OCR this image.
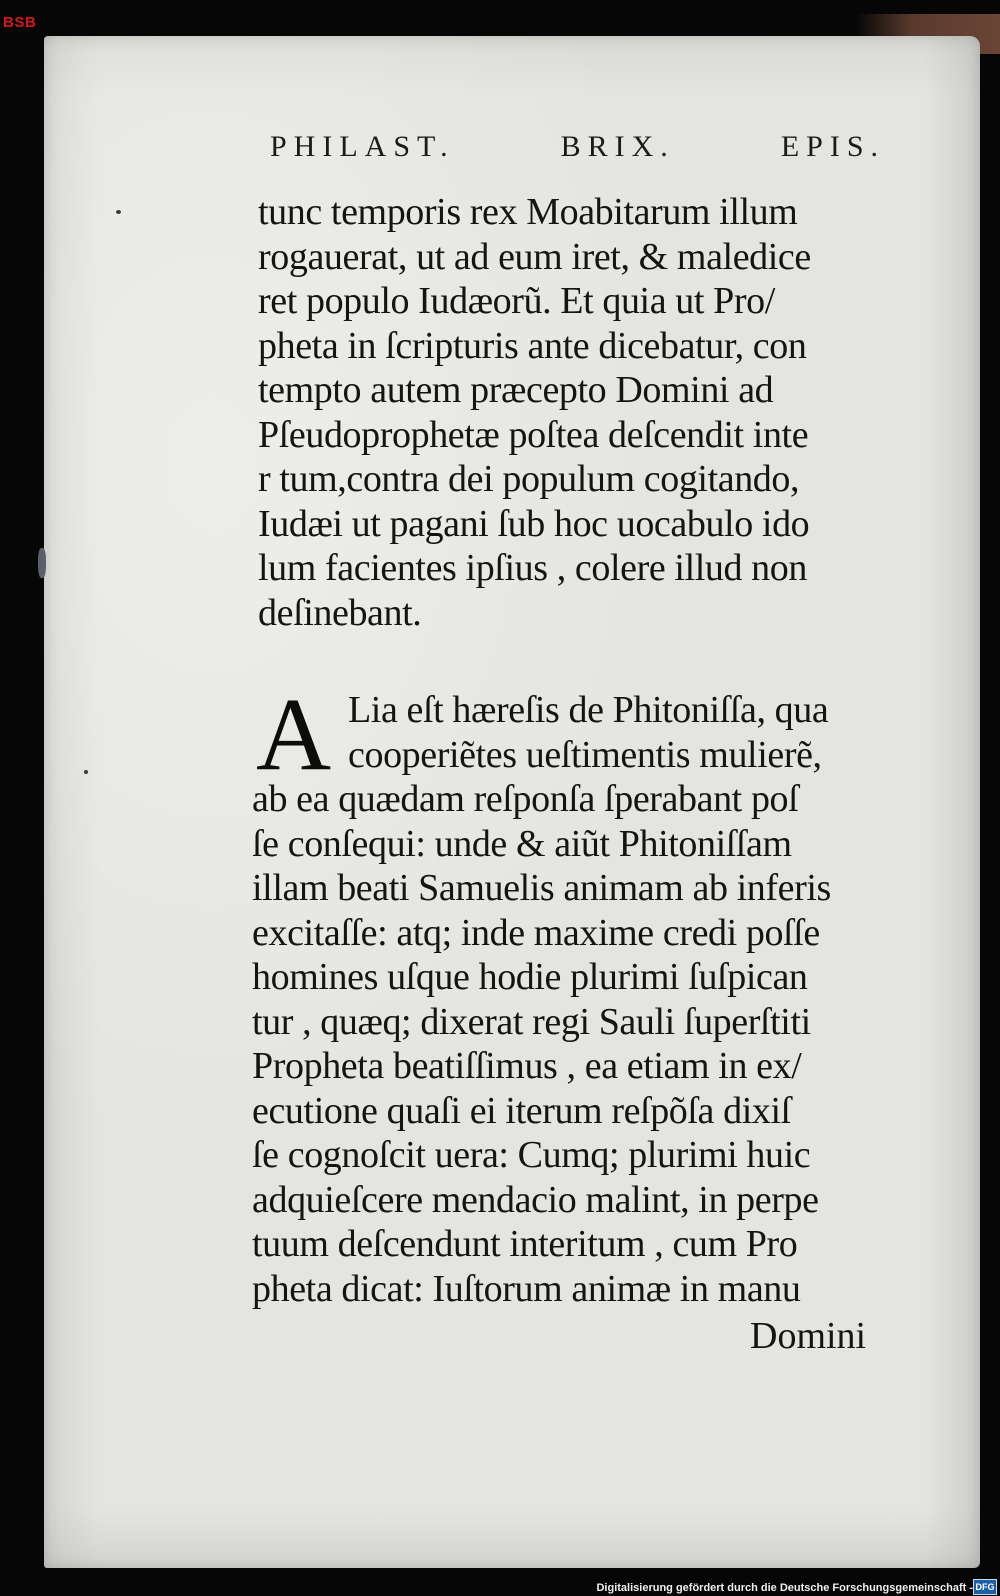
BSB
PHILAST.	BRIX.	EPIS.
tunc temporis rex Moabitarum illum
rogauerat, ut ad eum iret, & maledice
ret populo Iudæorũ. Et quia ut Pro/
pheta in ſcripturis ante dicebatur, con
tempto autem præcepto Domini ad
Pſeudoprophetæ poſtea deſcendit inte
r tum,contra dei populum cogitando,
Iudæi ut pagani ſub hoc uocabulo ido
lum facientes ipſius , colere illud non
deſinebant.
A Lia eſt hæreſis de Phitoniſſa, qua
cooperiẽtes ueſtimentis mulierẽ,
ab ea quædam reſponſa ſperabant poſ
ſe conſequi: unde & aiũt Phitoniſſam
illam beati Samuelis animam ab inferis
excitaſſe: atq; inde maxime credi poſſe
homines uſque hodie plurimi ſuſpican
tur , quæq; dixerat regi Sauli ſuperſtiti
Propheta beatiſſimus , ea etiam in ex/
ecutione quaſi ei iterum reſpõſa dixiſ
ſe cognoſcit uera: Cumq; plurimi huic
adquieſcere mendacio malint, in perpe
tuum deſcendunt interitum , cum Pro
pheta dicat: Iuſtorum animæ in manu
Domini
Digitalisierung gefördert durch die Deutsche Forschungsgemeinschaft - DFG
